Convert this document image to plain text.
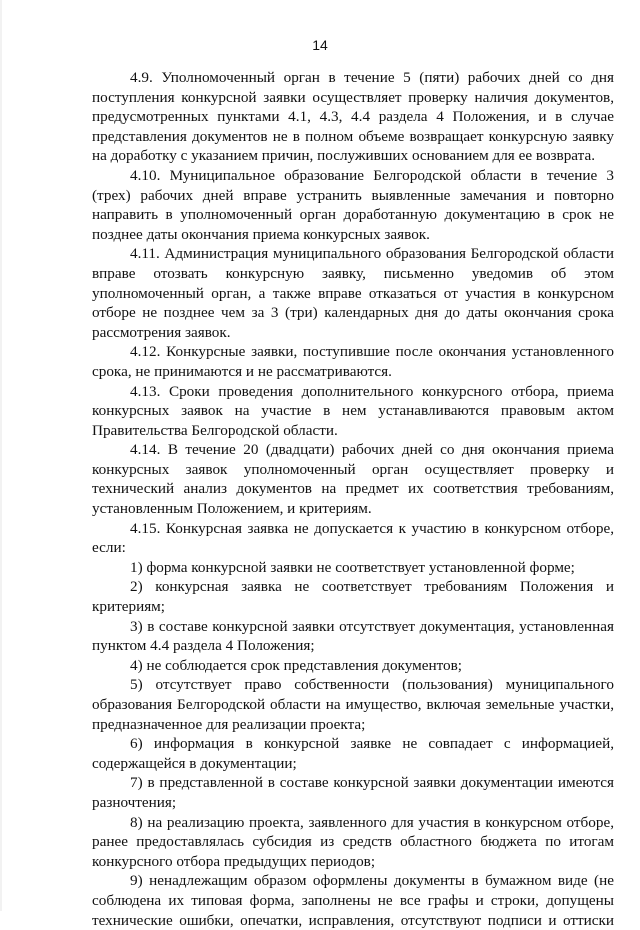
14

4.9. Уполномоченный орган в течение 5 (пяти) рабочих дней со дня поступления конкурсной заявки осуществляет проверку наличия документов, предусмотренных пунктами 4.1, 4.3, 4.4 раздела 4 Положения, и в случае представления документов не в полном объеме возвращает конкурсную заявку на доработку с указанием причин, послуживших основанием для ее возврата.

4.10. Муниципальное образование Белгородской области в течение 3 (трех) рабочих дней вправе устранить выявленные замечания и повторно направить в уполномоченный орган доработанную документацию в срок не позднее даты окончания приема конкурсных заявок.

4.11. Администрация муниципального образования Белгородской области вправе отозвать конкурсную заявку, письменно уведомив об этом уполномоченный орган, а также вправе отказаться от участия в конкурсном отборе не позднее чем за 3 (три) календарных дня до даты окончания срока рассмотрения заявок.

4.12. Конкурсные заявки, поступившие после окончания установленного срока, не принимаются и не рассматриваются.

4.13. Сроки проведения дополнительного конкурсного отбора, приема конкурсных заявок на участие в нем устанавливаются правовым актом Правительства Белгородской области.

4.14. В течение 20 (двадцати) рабочих дней со дня окончания приема конкурсных заявок уполномоченный орган осуществляет проверку и технический анализ документов на предмет их соответствия требованиям, установленным Положением, и критериям.

4.15. Конкурсная заявка не допускается к участию в конкурсном отборе, если:

1) форма конкурсной заявки не соответствует установленной форме;

2) конкурсная заявка не соответствует требованиям Положения и критериям;

3) в составе конкурсной заявки отсутствует документация, установленная пунктом 4.4 раздела 4 Положения;

4) не соблюдается срок представления документов;

5) отсутствует право собственности (пользования) муниципального образования Белгородской области на имущество, включая земельные участки, предназначенное для реализации проекта;

6) информация в конкурсной заявке не совпадает с информацией, содержащейся в документации;

7) в представленной в составе конкурсной заявки документации имеются разночтения;

8) на реализацию проекта, заявленного для участия в конкурсном отборе, ранее предоставлялась субсидия из средств областного бюджета по итогам конкурсного отбора предыдущих периодов;

9) ненадлежащим образом оформлены документы в бумажном виде (не соблюдена их типовая форма, заполнены не все графы и строки, допущены технические ошибки, опечатки, исправления, отсутствуют подписи и оттиски
